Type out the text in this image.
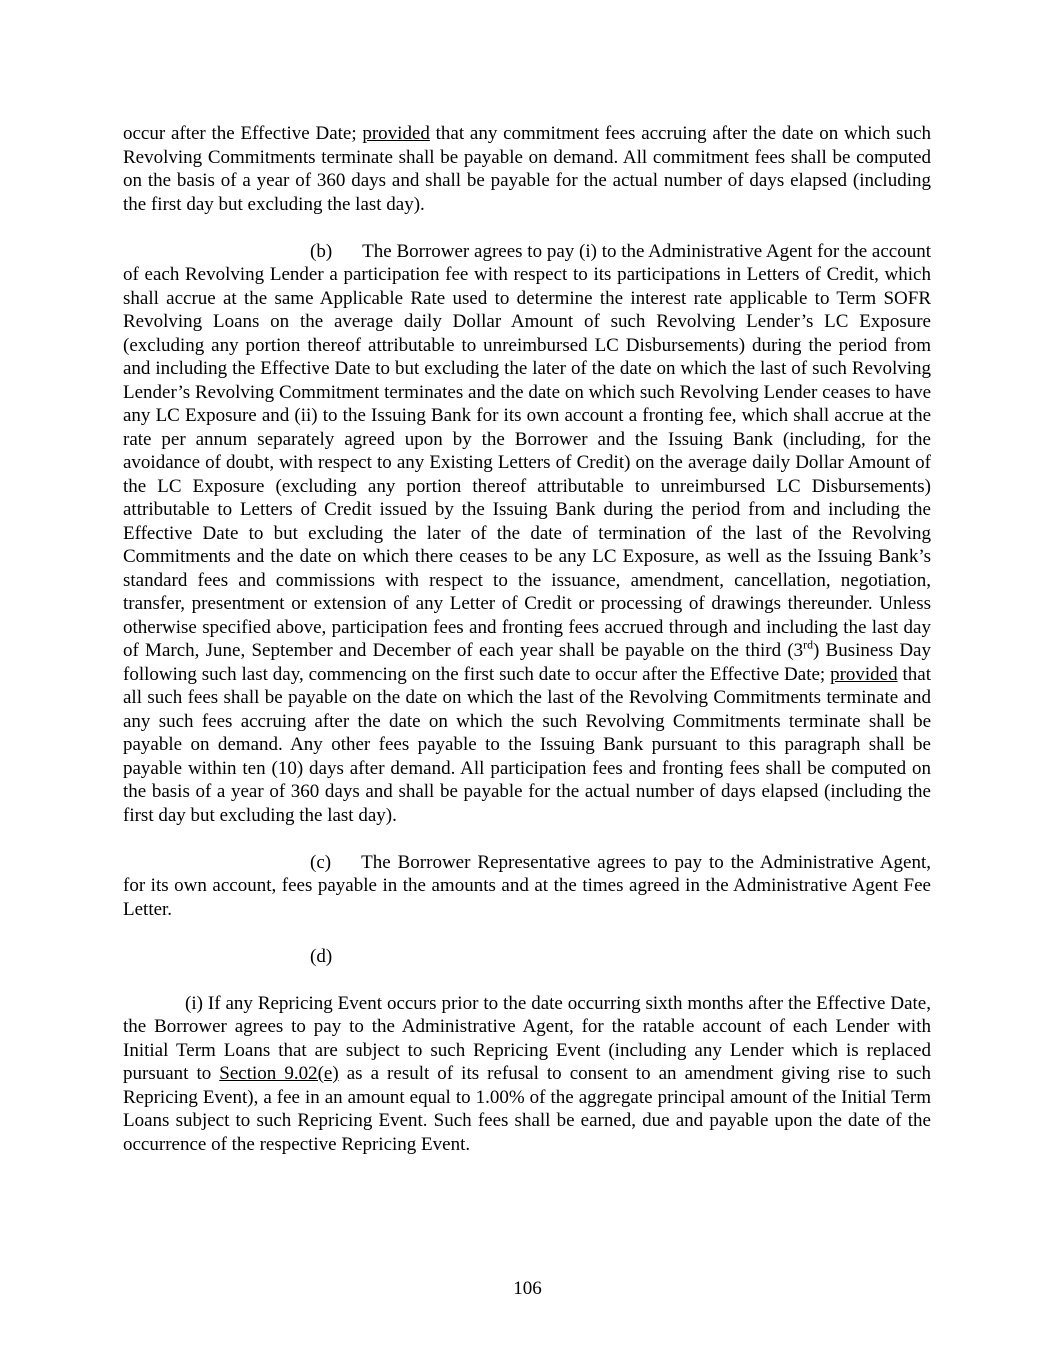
occur after the Effective Date; provided that any commitment fees accruing after the date on which such Revolving Commitments terminate shall be payable on demand. All commitment fees shall be computed on the basis of a year of 360 days and shall be payable for the actual number of days elapsed (including the first day but excluding the last day).

(b) The Borrower agrees to pay (i) to the Administrative Agent for the account of each Revolving Lender a participation fee with respect to its participations in Letters of Credit, which shall accrue at the same Applicable Rate used to determine the interest rate applicable to Term SOFR Revolving Loans on the average daily Dollar Amount of such Revolving Lender’s LC Exposure (excluding any portion thereof attributable to unreimbursed LC Disbursements) during the period from and including the Effective Date to but excluding the later of the date on which the last of such Revolving Lender’s Revolving Commitment terminates and the date on which such Revolving Lender ceases to have any LC Exposure and (ii) to the Issuing Bank for its own account a fronting fee, which shall accrue at the rate per annum separately agreed upon by the Borrower and the Issuing Bank (including, for the avoidance of doubt, with respect to any Existing Letters of Credit) on the average daily Dollar Amount of the LC Exposure (excluding any portion thereof attributable to unreimbursed LC Disbursements) attributable to Letters of Credit issued by the Issuing Bank during the period from and including the Effective Date to but excluding the later of the date of termination of the last of the Revolving Commitments and the date on which there ceases to be any LC Exposure, as well as the Issuing Bank’s standard fees and commissions with respect to the issuance, amendment, cancellation, negotiation, transfer, presentment or extension of any Letter of Credit or processing of drawings thereunder. Unless otherwise specified above, participation fees and fronting fees accrued through and including the last day of March, June, September and December of each year shall be payable on the third (3rd) Business Day following such last day, commencing on the first such date to occur after the Effective Date; provided that all such fees shall be payable on the date on which the last of the Revolving Commitments terminate and any such fees accruing after the date on which the such Revolving Commitments terminate shall be payable on demand. Any other fees payable to the Issuing Bank pursuant to this paragraph shall be payable within ten (10) days after demand. All participation fees and fronting fees shall be computed on the basis of a year of 360 days and shall be payable for the actual number of days elapsed (including the first day but excluding the last day).

(c) The Borrower Representative agrees to pay to the Administrative Agent, for its own account, fees payable in the amounts and at the times agreed in the Administrative Agent Fee Letter.

(d)

(i) If any Repricing Event occurs prior to the date occurring sixth months after the Effective Date, the Borrower agrees to pay to the Administrative Agent, for the ratable account of each Lender with Initial Term Loans that are subject to such Repricing Event (including any Lender which is replaced pursuant to Section 9.02(e) as a result of its refusal to consent to an amendment giving rise to such Repricing Event), a fee in an amount equal to 1.00% of the aggregate principal amount of the Initial Term Loans subject to such Repricing Event. Such fees shall be earned, due and payable upon the date of the occurrence of the respective Repricing Event.

106
